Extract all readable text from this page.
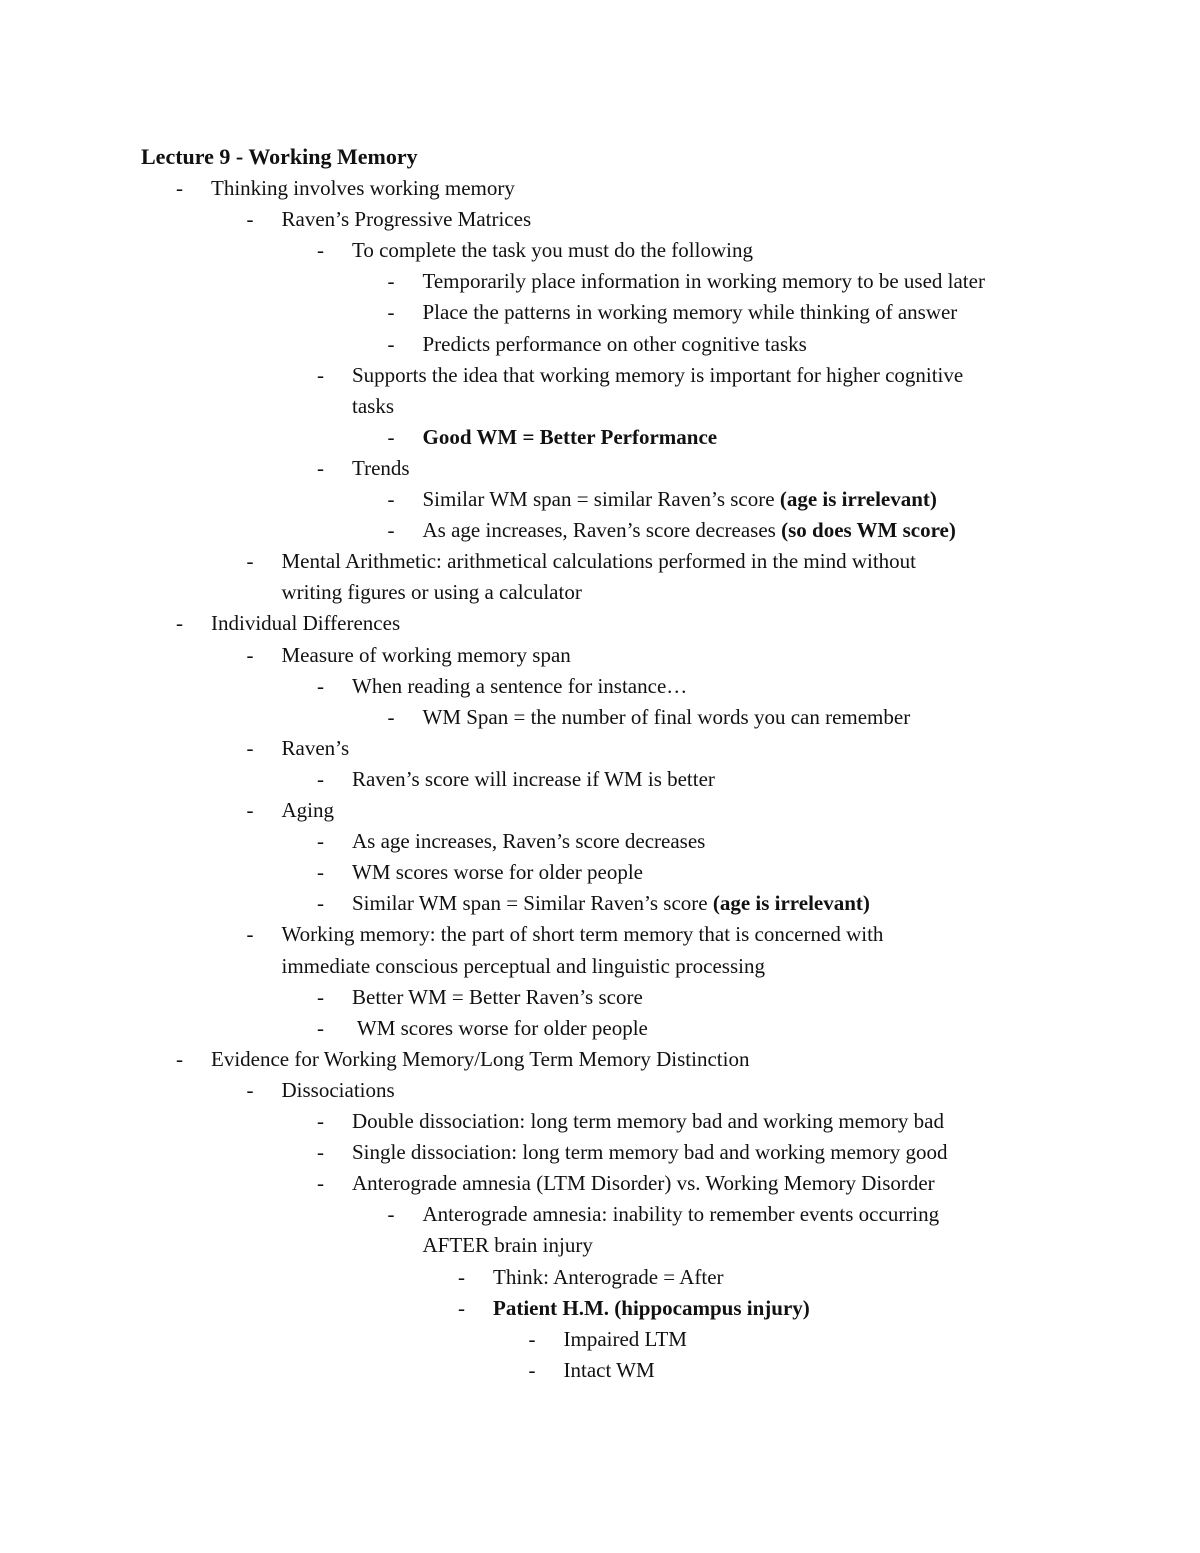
Lecture 9 - Working Memory
- Thinking involves working memory
- Raven’s Progressive Matrices
- To complete the task you must do the following
- Temporarily place information in working memory to be used later
- Place the patterns in working memory while thinking of answer
- Predicts performance on other cognitive tasks
- Supports the idea that working memory is important for higher cognitive
tasks
- Good WM = Better Performance
- Trends
- Similar WM span = similar Raven’s score (age is irrelevant)
- As age increases, Raven’s score decreases (so does WM score)
- Mental Arithmetic: arithmetical calculations performed in the mind without
writing figures or using a calculator
- Individual Differences
- Measure of working memory span
- When reading a sentence for instance…
- WM Span = the number of final words you can remember
- Raven’s
- Raven’s score will increase if WM is better
- Aging
- As age increases, Raven’s score decreases
- WM scores worse for older people
- Similar WM span = Similar Raven’s score (age is irrelevant)
- Working memory: the part of short term memory that is concerned with
immediate conscious perceptual and linguistic processing
- Better WM = Better Raven’s score
- WM scores worse for older people
- Evidence for Working Memory/Long Term Memory Distinction
- Dissociations
- Double dissociation: long term memory bad and working memory bad
- Single dissociation: long term memory bad and working memory good
- Anterograde amnesia (LTM Disorder) vs. Working Memory Disorder
- Anterograde amnesia: inability to remember events occurring
AFTER brain injury
- Think: Anterograde = After
- Patient H.M. (hippocampus injury)
- Impaired LTM
- Intact WM
